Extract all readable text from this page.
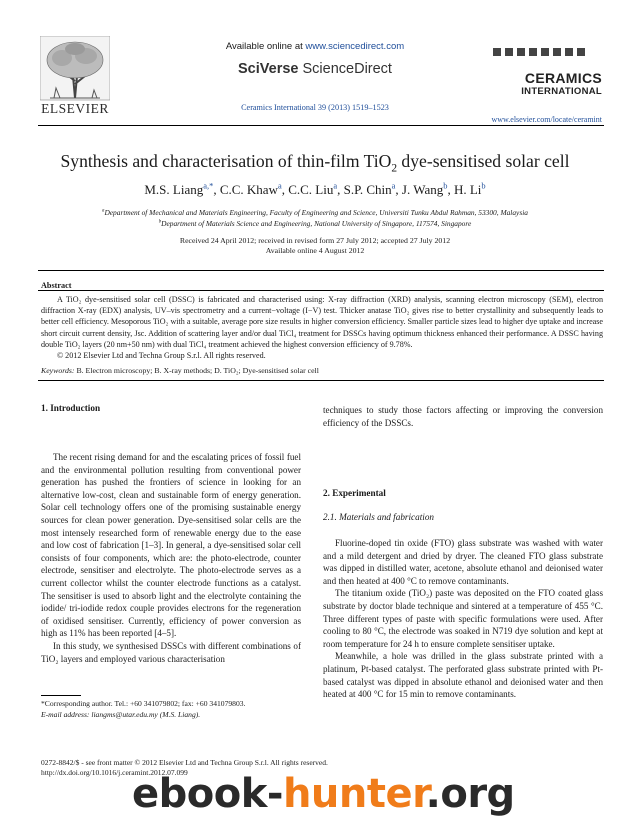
ELSEVIER
Available online at www.sciencedirect.com
SciVerse ScienceDirect
Ceramics International 39 (2013) 1519–1523
CERAMICS
INTERNATIONAL
www.elsevier.com/locate/ceramint
Synthesis and characterisation of thin-film TiO$_2$ dye-sensitised solar cell
M.S. Liang$^{a,*}$, C.C. Khaw$^a$, C.C. Liu$^a$, S.P. Chin$^a$, J. Wang$^b$, H. Li$^b$
$^a$Department of Mechanical and Materials Engineering, Faculty of Engineering and Science, Universiti Tunku Abdul Rahman, 53300, Malaysia
$^b$Department of Materials Science and Engineering, National University of Singapore, 117574, Singapore
Received 24 April 2012; received in revised form 27 July 2012; accepted 27 July 2012
Available online 4 August 2012
Abstract

A TiO₂ dye-sensitised solar cell (DSSC) is fabricated and characterised using: X-ray diffraction (XRD) analysis, scanning electron microscopy (SEM), electron diffraction X-ray (EDX) analysis, UV–vis spectrometry and a current−voltage (I−V) test. Thicker anatase TiO₂ gives rise to better crystallinity and subsequently leads to better cell efficiency. Mesoporous TiO₂ with a suitable, average pore size results in higher conversion efficiency. Smaller particle sizes lead to higher dye uptake and increase short circuit current density, Jsc. Addition of scattering layer and/or dual TiCl₄ treatment for DSSCs having optimum thickness enhanced their performance. A DSSC having double TiO₂ layers (20 nm+50 nm) with dual TiCl₄ treatment achieved the highest conversion efficiency of 9.78%.

© 2012 Elsevier Ltd and Techna Group S.r.l. All rights reserved.

Keywords: B. Electron microscopy; B. X-ray methods; D. TiO₂; Dye-sensitised solar cell
1. Introduction

The recent rising demand for and the escalating prices of fossil fuel and the environmental pollution resulting from conventional power generation has pushed the frontiers of science in looking for an alternative low-cost, clean and sustainable form of energy generation. Solar cell technology offers one of the promising sustainable energy sources for clean power generation. Dye-sensitised solar cells are the most intensely researched form of renewable energy due to the ease and low cost of fabrication [1–3]. In general, a dye-sensitised solar cell consists of four components, which are: the photo-electrode, counter electrode, sensitiser and electrolyte. The photo-electrode serves as a current collector whilst the counter electrode functions as a catalyst. The sensitiser is used to absorb light and the electrolyte containing the iodide/ tri-iodide redox couple provides electrons for the regeneration of oxidised sensitiser. Currently, efficiency of power conversion as high as 11% has been reported [4–5].

In this study, we synthesised DSSCs with different combinations of TiO₂ layers and employed various characterisation

techniques to study those factors affecting or improving the conversion efficiency of the DSSCs.

2. Experimental
2.1. Materials and fabrication

Fluorine-doped tin oxide (FTO) glass substrate was washed with water and a mild detergent and dried by dryer. The cleaned FTO glass substrate was dipped in distilled water, acetone, absolute ethanol and deionised water and then heated at 400 °C to remove contaminants.

The titanium oxide (TiO₂) paste was deposited on the FTO coated glass substrate by doctor blade technique and sintered at a temperature of 455 °C. Three different types of paste with specific formulations were used. After cooling to 80 °C, the electrode was soaked in N719 dye solution and kept at room temperature for 24 h to ensure complete sensitiser uptake.

Meanwhile, a hole was drilled in the glass substrate printed with a platinum, Pt-based catalyst. The perforated glass substrate printed with Pt-based catalyst was dipped in absolute ethanol and deionised water and then heated at 400 °C for 15 min to remove contaminants.

*Corresponding author. Tel.: +60 341079802; fax: +60 341079803.
E-mail address: liangms@utar.edu.my (M.S. Liang).
0272-8842/$ - see front matter © 2012 Elsevier Ltd and Techna Group S.r.l. All rights reserved.
http://dx.doi.org/10.1016/j.ceramint.2012.07.099
ebook-hunter.org
